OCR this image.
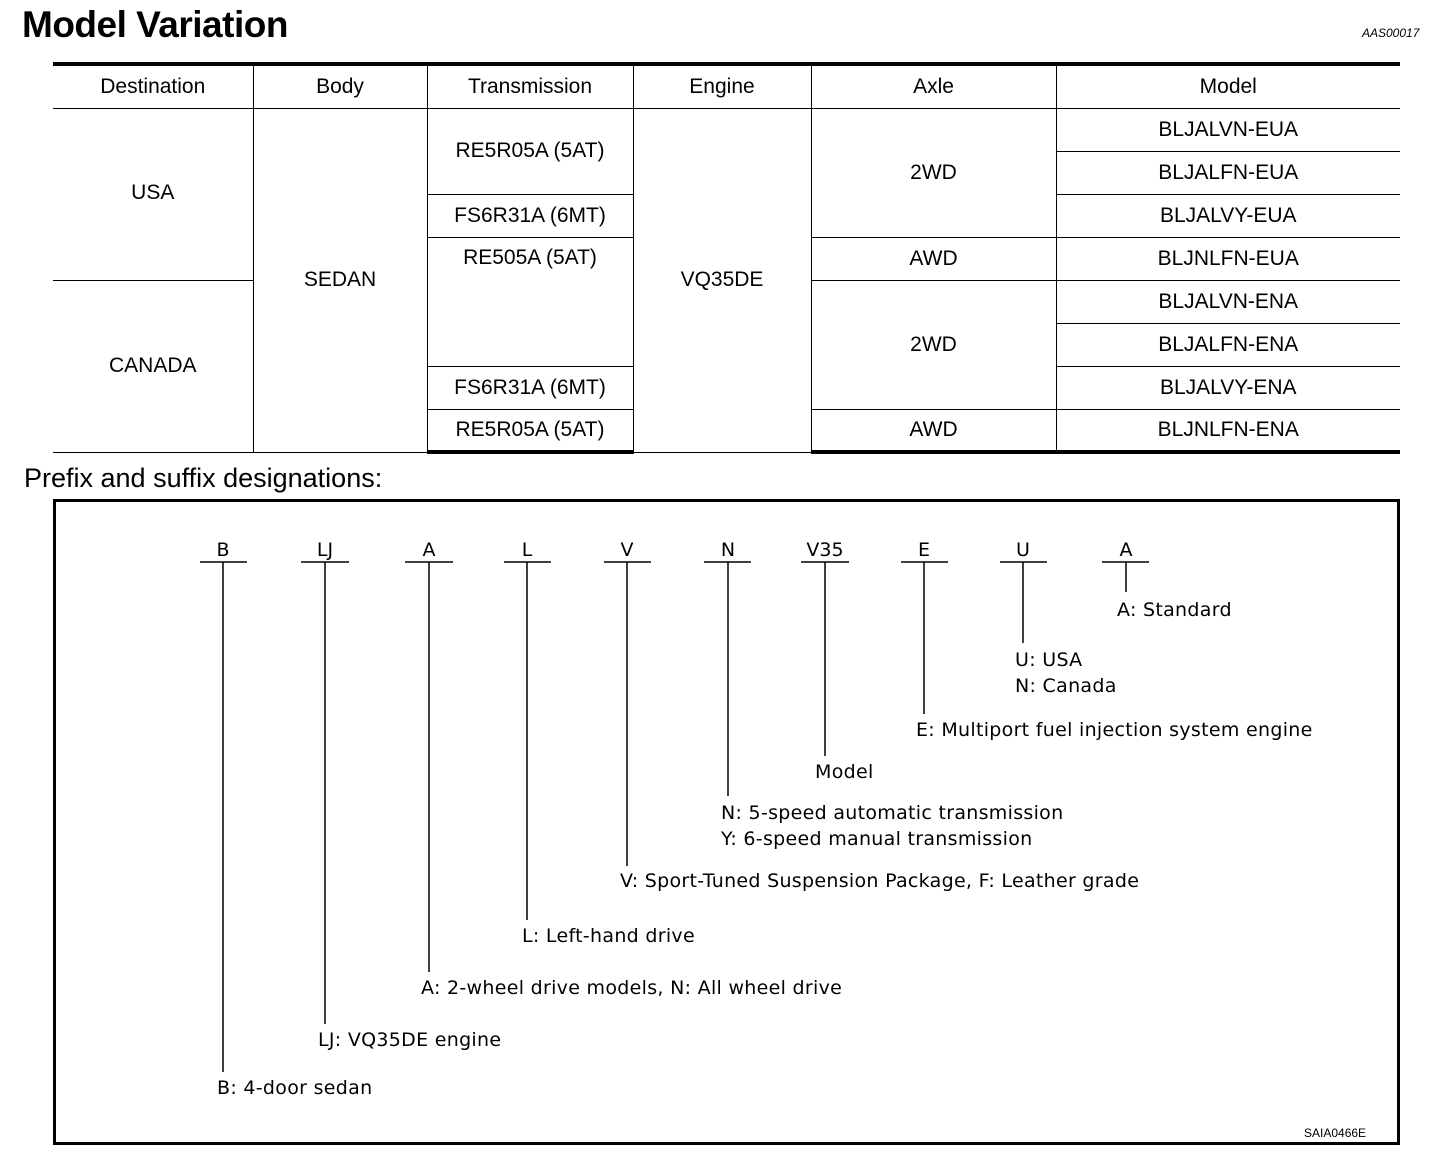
Model Variation	AAS00017
Destination	Body	Transmission	Engine	Axle	Model
USA	SEDAN	RE5R05A (5AT)	VQ35DE	2WD	BLJALVN-EUA
					BLJALFN-EUA
		FS6R31A (6MT)			BLJALVY-EUA
		RE505A (5AT)		AWD	BLJNLFN-EUA
CANADA				2WD	BLJALVN-ENA
					BLJALFN-ENA
		FS6R31A (6MT)			BLJALVY-ENA
		RE5R05A (5AT)		AWD	BLJNLFN-ENA
Prefix and suffix designations:
B	LJ	A	L	V	N	V35	E	U	A
A: Standard
U: USA
N: Canada
E: Multiport fuel injection system engine
Model
N: 5-speed automatic transmission
Y: 6-speed manual transmission
V: Sport-Tuned Suspension Package, F: Leather grade
L: Left-hand drive
A: 2-wheel drive models, N: All wheel drive
LJ: VQ35DE engine
B: 4-door sedan
SAIA0466E
